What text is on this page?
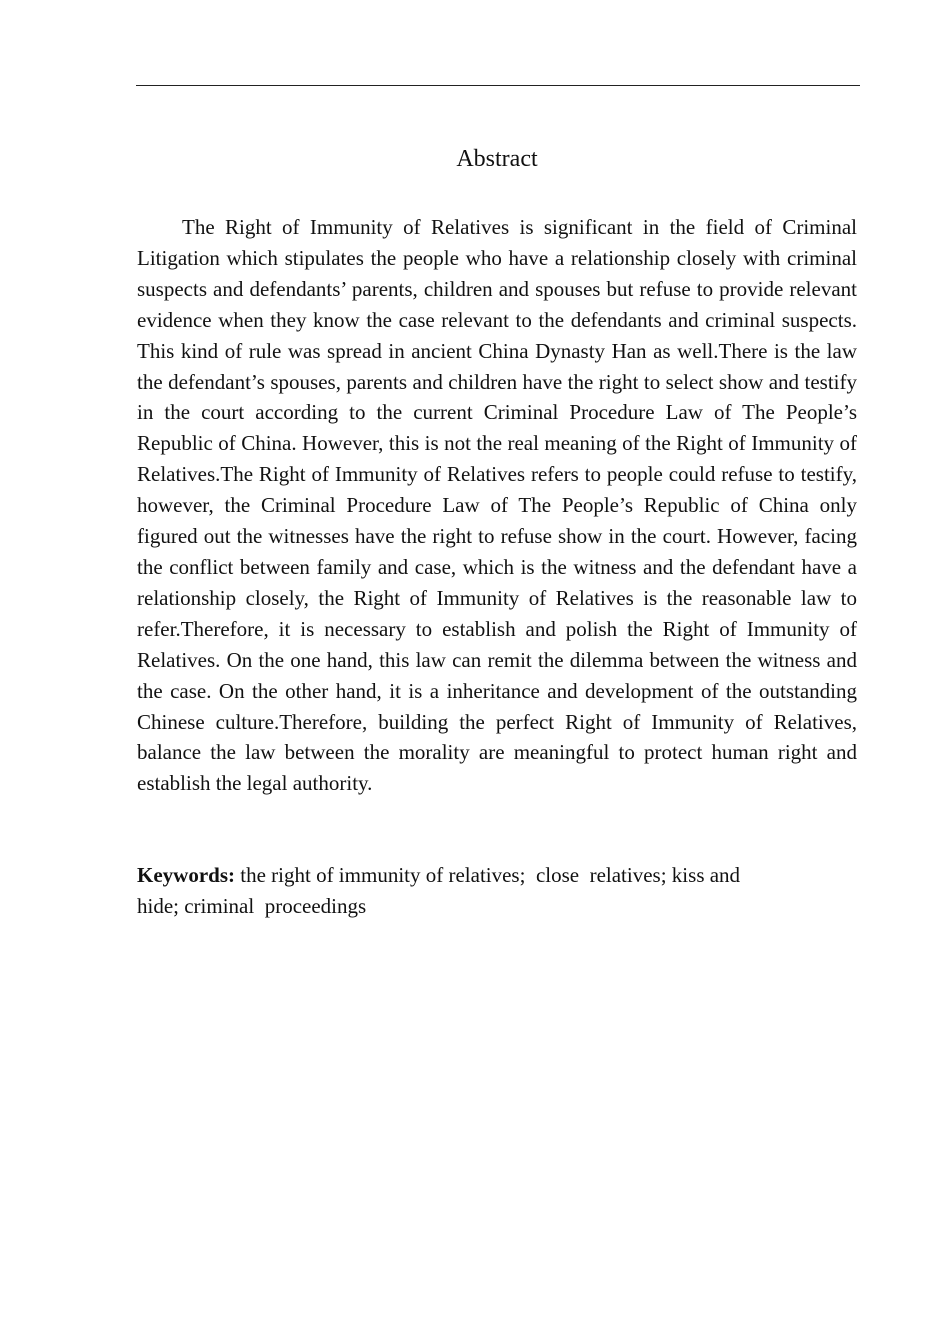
Abstract

The Right of Immunity of Relatives is significant in the field of Criminal Litigation which stipulates the people who have a relationship closely with criminal suspects and defendants’ parents, children and spouses but refuse to provide relevant evidence when they know the case relevant to the defendants and criminal suspects. This kind of rule was spread in ancient China Dynasty Han as well.There is the law the defendant’s spouses, parents and children have the right to select show and testify in the court according to the current Criminal Procedure Law of The People’s Republic of China. However, this is not the real meaning of the Right of Immunity of Relatives.The Right of Immunity of Relatives refers to people could refuse to testify, however, the Criminal Procedure Law of The People’s Republic of China only figured out the witnesses have the right to refuse show in the court. However, facing the conflict between family and case, which is the witness and the defendant have a relationship closely, the Right of Immunity of Relatives is the reasonable law to refer.Therefore, it is necessary to establish and polish the Right of Immunity of Relatives. On the one hand, this law can remit the dilemma between the witness and the case. On the other hand, it is a inheritance and development of the outstanding Chinese culture.Therefore, building the perfect Right of Immunity of Relatives, balance the law between the morality are meaningful to protect human right and establish the legal authority.

Keywords: the right of immunity of relatives;  close  relatives; kiss and
hide; criminal  proceedings
